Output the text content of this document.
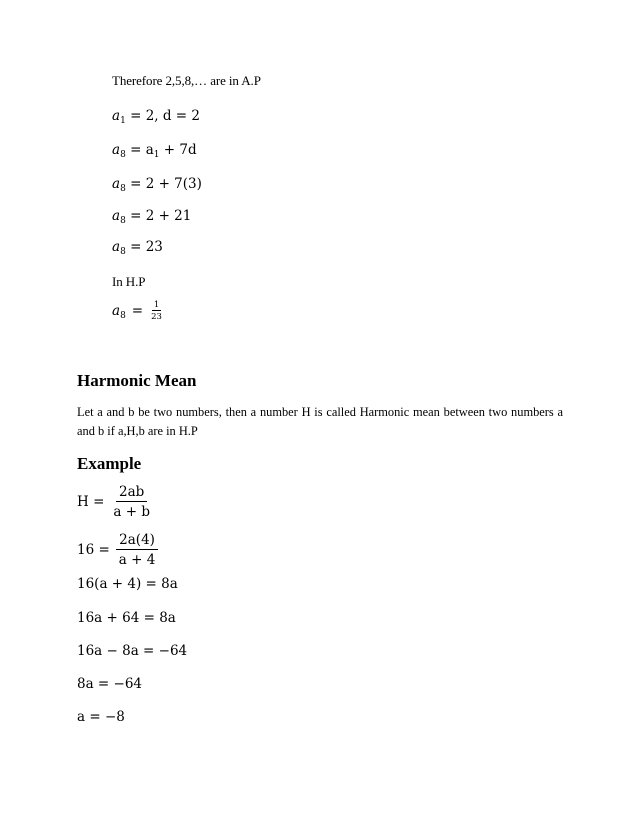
Therefore 2,5,8,… are in A.P
$a_1 = 2$, d = 2
$a_8 = a_1 + 7d$
$a_8 = 2 + 7(3)$
$a_8 = 2 + 21$
$a_8 = 23$
In H.P
$a_8 = \frac{1}{23}$
Harmonic Mean
Let a and b be two numbers, then a number H is called Harmonic mean between two numbers a and b if a,H,b are in H.P
Example
$H = \frac{2ab}{a + b}$
$16 = \frac{2a(4)}{a + 4}$
16(a + 4) = 8a
16a + 64 = 8a
16a − 8a = −64
8a = −64
a = −8
